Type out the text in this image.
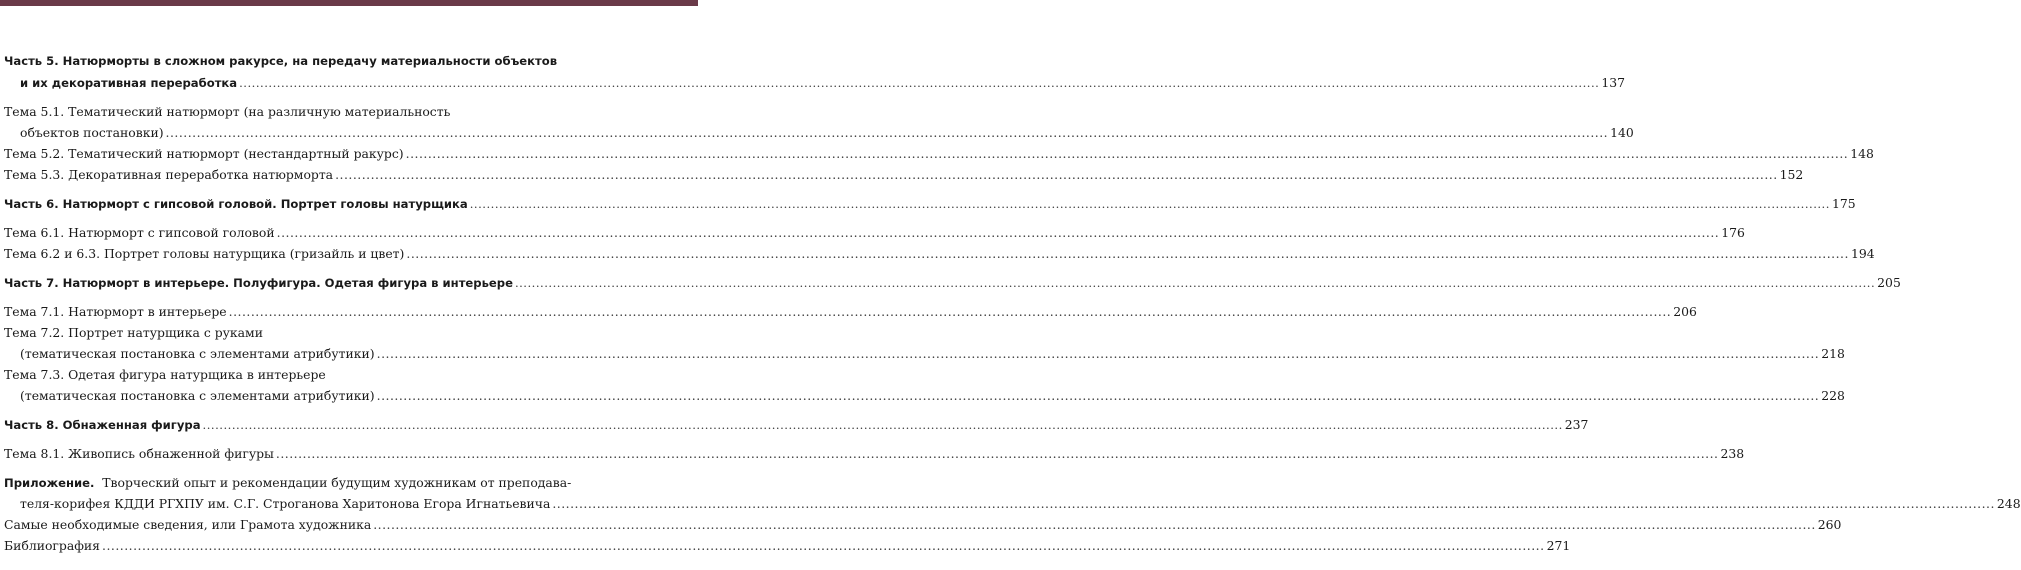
Часть 5. Натюрморты в сложном ракурсе, на передачу материальности объектов
и их декоративная переработка .....	137
Тема 5.1. Тематический натюрморт (на различную материальность
объектов постановки) .....	140
Тема 5.2. Тематический натюрморт (нестандартный ракурс) .....	148
Тема 5.3. Декоративная переработка натюрморта .....	152
Часть 6. Натюрморт с гипсовой головой. Портрет головы натурщика .....	175
Тема 6.1. Натюрморт с гипсовой головой .....	176
Тема 6.2 и 6.3. Портрет головы натурщика (гризайль и цвет) .....	194
Часть 7. Натюрморт в интерьере. Полуфигура. Одетая фигура в интерьере .....	205
Тема 7.1. Натюрморт в интерьере .....	206
Тема 7.2. Портрет натурщика с руками
(тематическая постановка с элементами атрибутики) .....	218
Тема 7.3. Одетая фигура натурщика в интерьере
(тематическая постановка с элементами атрибутики) .....	228
Часть 8. Обнаженная фигура .....	237
Тема 8.1. Живопись обнаженной фигуры .....	238
Приложение.  Творческий опыт и рекомендации будущим художникам от преподава-
теля-корифея КДДИ РГХПУ им. С.Г. Строганова Харитонова Егора Игнатьевича .....	248
Самые необходимые сведения, или Грамота художника .....	260
Библиография .....	271
